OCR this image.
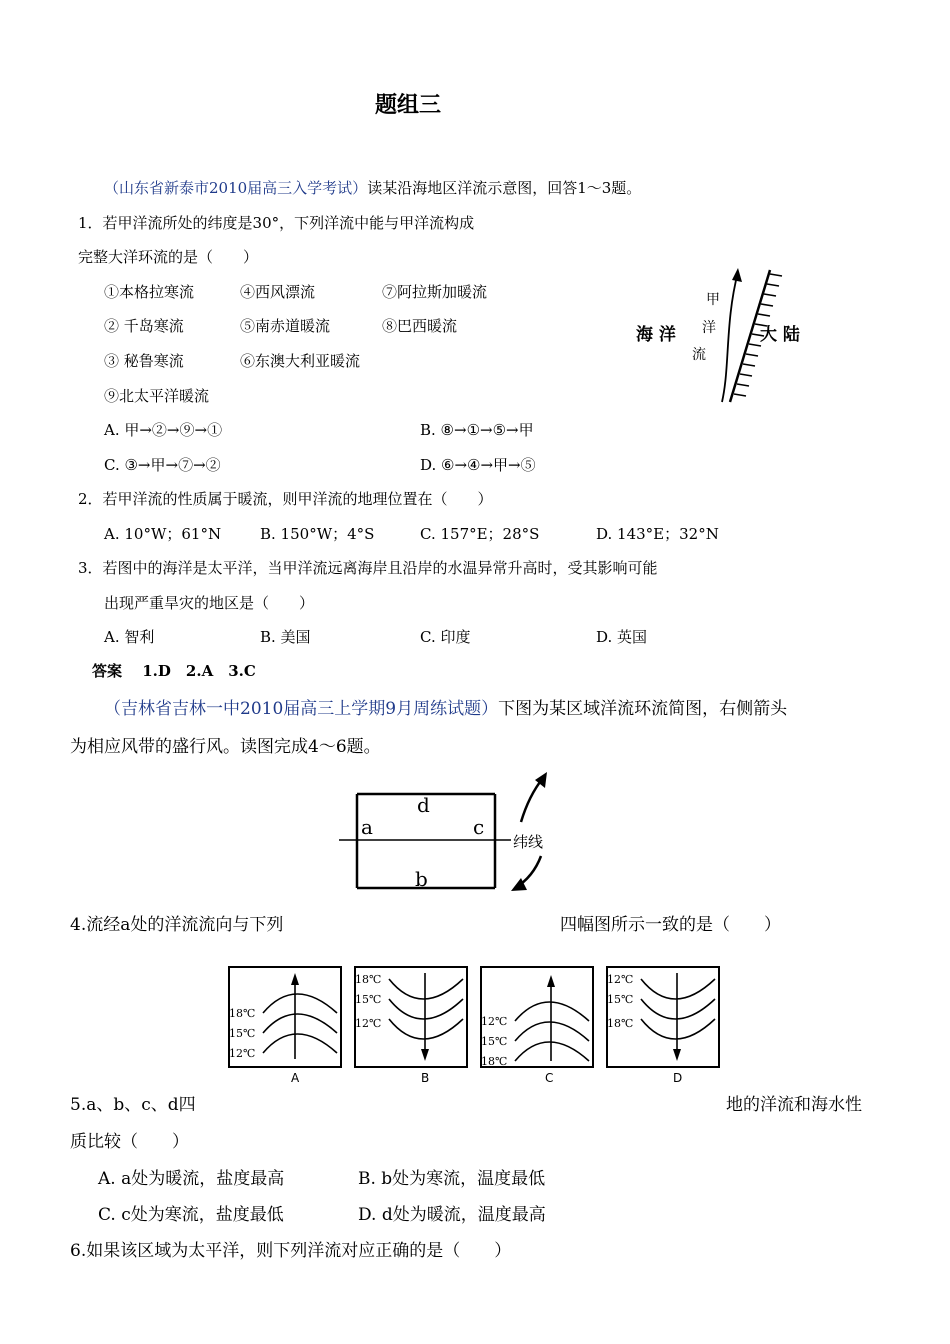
题组三
（山东省新泰市2010届高三入学考试）读某沿海地区洋流示意图，回答1～3题。
1．若甲洋流所处的纬度是30°，下列洋流中能与甲洋流构成
完整大洋环流的是（　　）
①本格拉寒流	④西风漂流	⑦阿拉斯加暖流
② 千岛寒流	⑤南赤道暖流	⑧巴西暖流
③ 秘鲁寒流	⑥东澳大利亚暖流
⑨北太平洋暖流
A. 甲→②→⑨→①	B. ⑧→①→⑤→甲
C. ③→甲→⑦→②	D. ⑥→④→甲→⑤
2．若甲洋流的性质属于暖流，则甲洋流的地理位置在（　　）
A. 10°W；61°N	B. 150°W；4°S	C. 157°E；28°S	D. 143°E；32°N
3．若图中的海洋是太平洋，当甲洋流远离海岸且沿岸的水温异常升高时，受其影响可能
出现严重旱灾的地区是（　　）
A. 智利	B. 美国	C. 印度	D. 英国
答案　 1.D　2.A　3.C
甲
洋
流
海 洋	大 陆
（吉林省吉林一中2010届高三上学期9月周练试题）下图为某区域洋流环流简图，右侧箭头
为相应风带的盛行风。读图完成4～6题。
a	c
d
b
纬线
4.流经a处的洋流流向与下列	四幅图所示一致的是（　　）
18℃
15℃
12℃
A
18℃
15℃
12℃
B
12℃
15℃
18℃
C
12℃
15℃
18℃
D
5.a、b、c、d四	地的洋流和海水性
质比较（　　）
A. a处为暖流，盐度最高	B. b处为寒流，温度最低
C. c处为寒流，盐度最低	D. d处为暖流，温度最高
6.如果该区域为太平洋，则下列洋流对应正确的是（　　）
